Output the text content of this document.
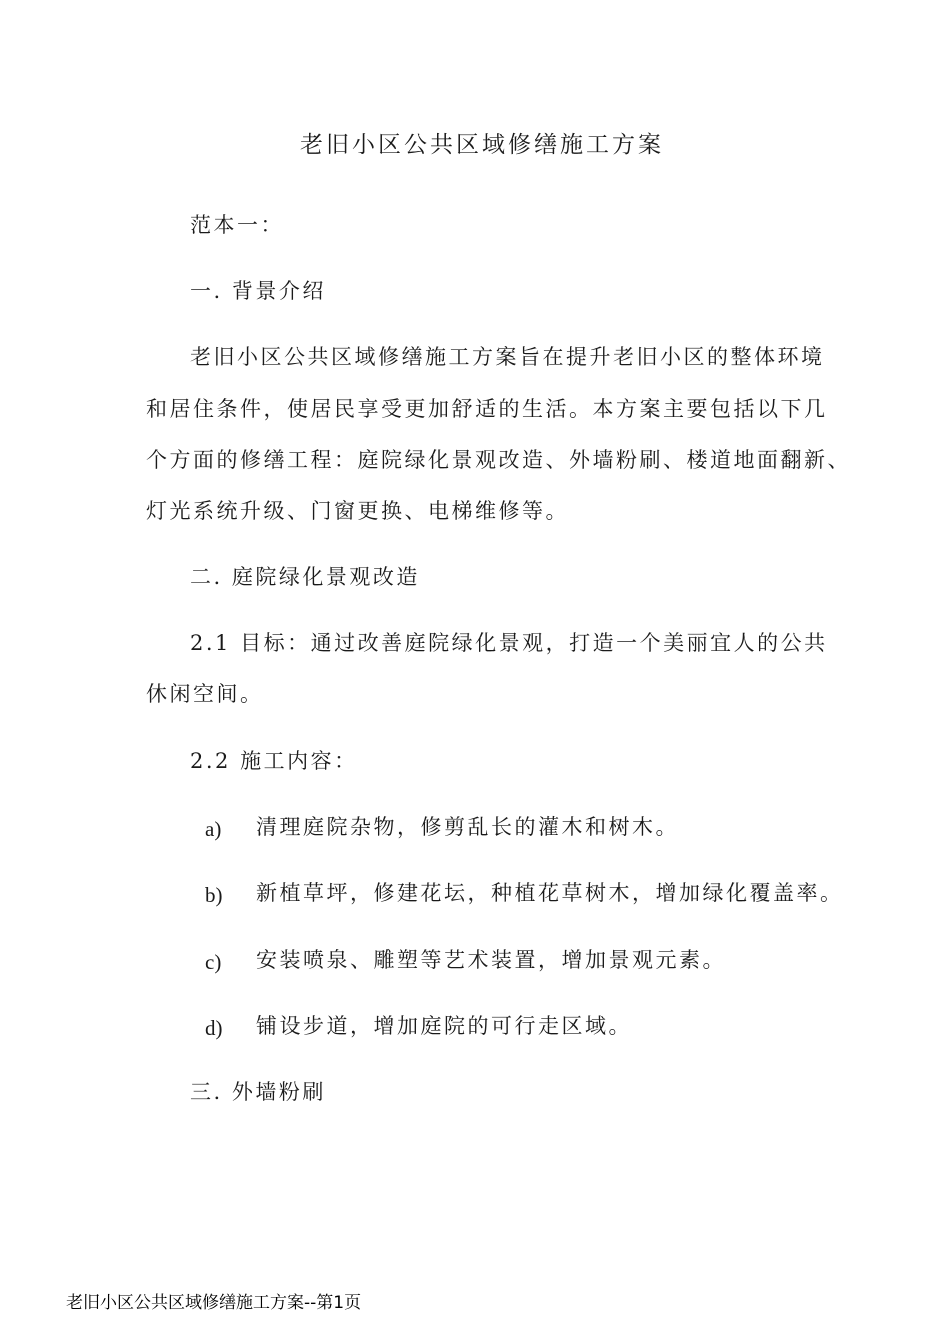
老旧小区公共区域修缮施工方案
范本一：
一. 背景介绍
老旧小区公共区域修缮施工方案旨在提升老旧小区的整体环境
和居住条件，使居民享受更加舒适的生活。本方案主要包括以下几
个方面的修缮工程：庭院绿化景观改造、外墙粉刷、楼道地面翻新、
灯光系统升级、门窗更换、电梯维修等。
二. 庭院绿化景观改造
2.1 目标：通过改善庭院绿化景观，打造一个美丽宜人的公共
休闲空间。
2.2 施工内容：
a) 清理庭院杂物，修剪乱长的灌木和树木。
b) 新植草坪，修建花坛，种植花草树木，增加绿化覆盖率。
c) 安装喷泉、雕塑等艺术装置，增加景观元素。
d) 铺设步道，增加庭院的可行走区域。
三. 外墙粉刷
老旧小区公共区域修缮施工方案--第1页
